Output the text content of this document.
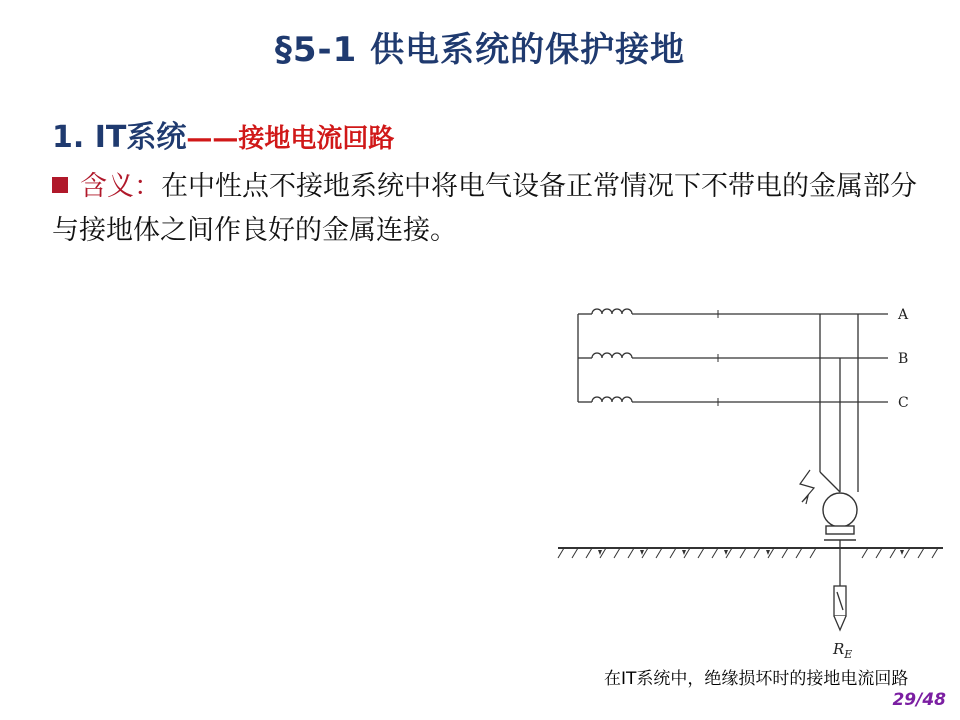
§5-1 供电系统的保护接地
1. IT系统——接地电流回路
含义：在中性点不接地系统中将电气设备正常情况下不带电的金属部分与接地体之间作良好的金属连接。
A
B
C
$R_E$
在IT系统中，绝缘损坏时的接地电流回路
29/48
